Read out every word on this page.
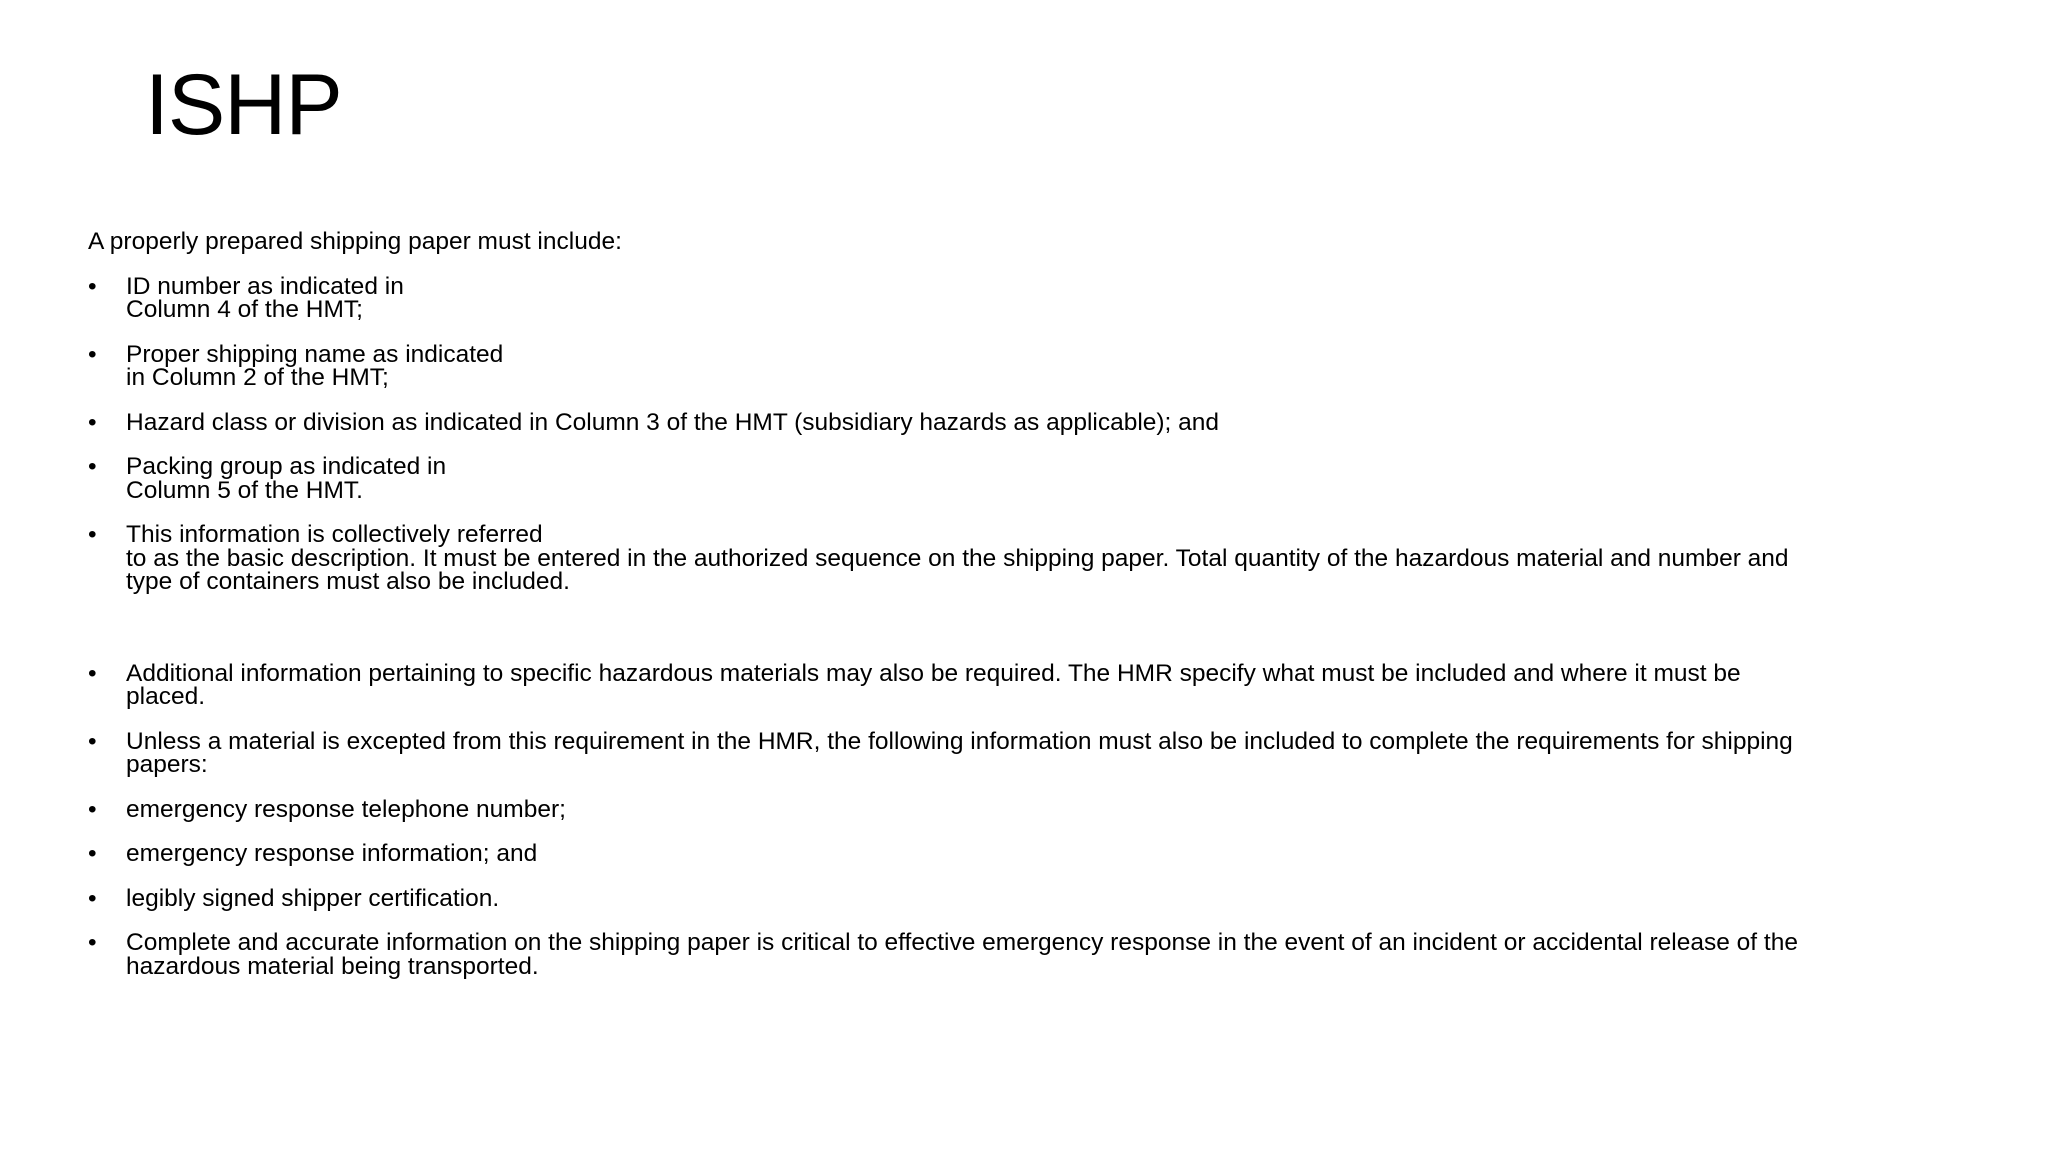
ISHP

A properly prepared shipping paper must include:

•	ID number as indicated in
Column 4 of the HMT;
•	Proper shipping name as indicated
in Column 2 of the HMT;
•	Hazard class or division as indicated in Column 3 of the HMT (subsidiary hazards as applicable); and
•	Packing group as indicated in
Column 5 of the HMT.
•	This information is collectively referred
to as the basic description. It must be entered in the authorized sequence on the shipping paper. Total quantity of the hazardous material and number and
type of containers must also be included.
•	Additional information pertaining to specific hazardous materials may also be required. The HMR specify what must be included and where it must be
placed.
•	Unless a material is excepted from this requirement in the HMR, the following information must also be included to complete the requirements for shipping
papers:
•	emergency response telephone number;
•	emergency response information; and
•	legibly signed shipper certification.
•	Complete and accurate information on the shipping paper is critical to effective emergency response in the event of an incident or accidental release of the
hazardous material being transported.
